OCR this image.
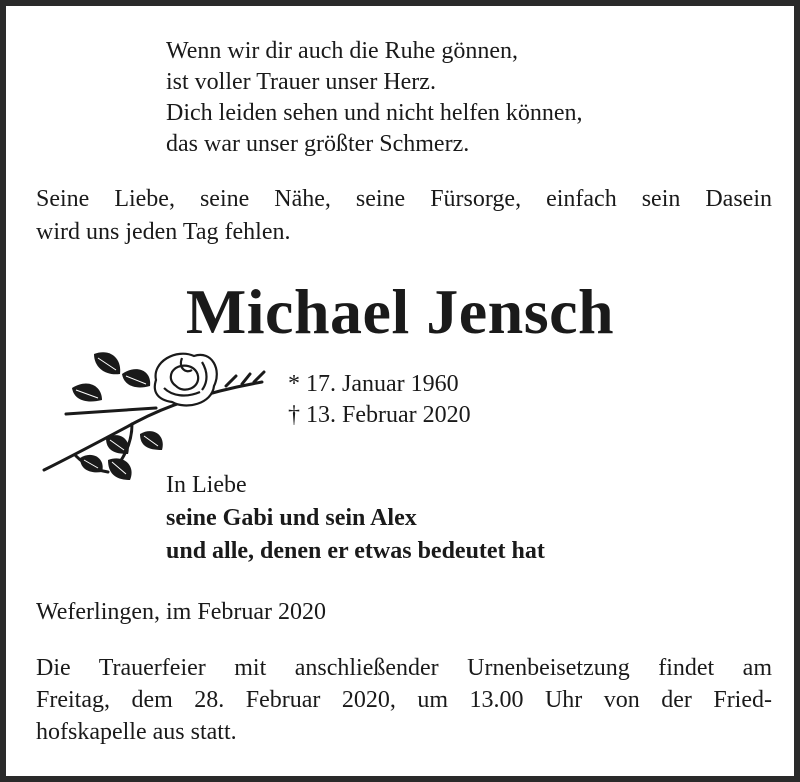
Wenn wir dir auch die Ruhe gönnen,
ist voller Trauer unser Herz.
Dich leiden sehen und nicht helfen können,
das war unser größter Schmerz.
Seine Liebe, seine Nähe, seine Fürsorge, einfach sein Dasein
wird uns jeden Tag fehlen.
Michael Jensch
* 17. Januar 1960
† 13. Februar 2020
In Liebe
seine Gabi und sein Alex
und alle, denen er etwas bedeutet hat
Weferlingen, im Februar 2020
Die Trauerfeier mit anschließender Urnenbeisetzung findet am
Freitag, dem 28. Februar 2020, um 13.00 Uhr von der Fried-
hofskapelle aus statt.
